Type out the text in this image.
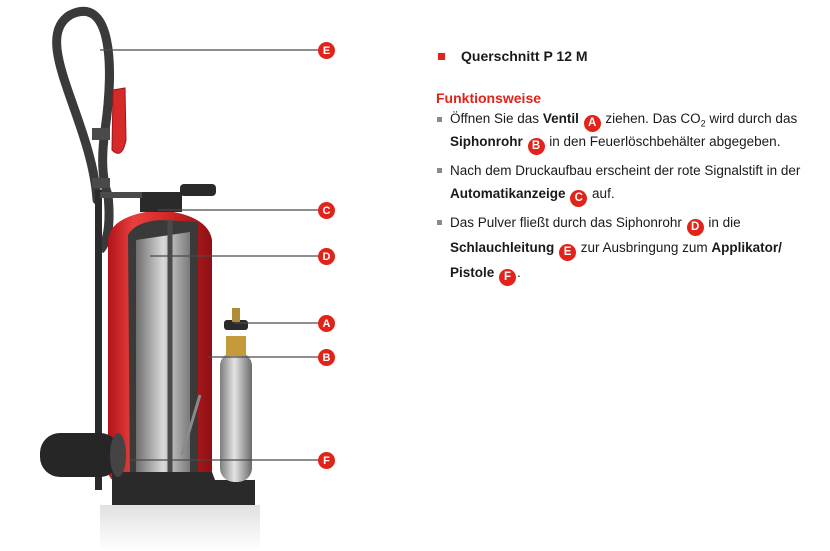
E
C
D
A
B
F
Querschnitt P 12 M
Funktionsweise
Öffnen Sie das Ventil A ziehen. Das $CO_2$ wird durch das Siphonrohr B in den Feuerlöschbehälter abgegeben.
Nach dem Druckaufbau erscheint der rote Signalstift in der Automatikanzeige C auf.
Das Pulver fließt durch das Siphonrohr D in die Schlauchleitung E zur Ausbringung zum Applikator/ Pistole F .
